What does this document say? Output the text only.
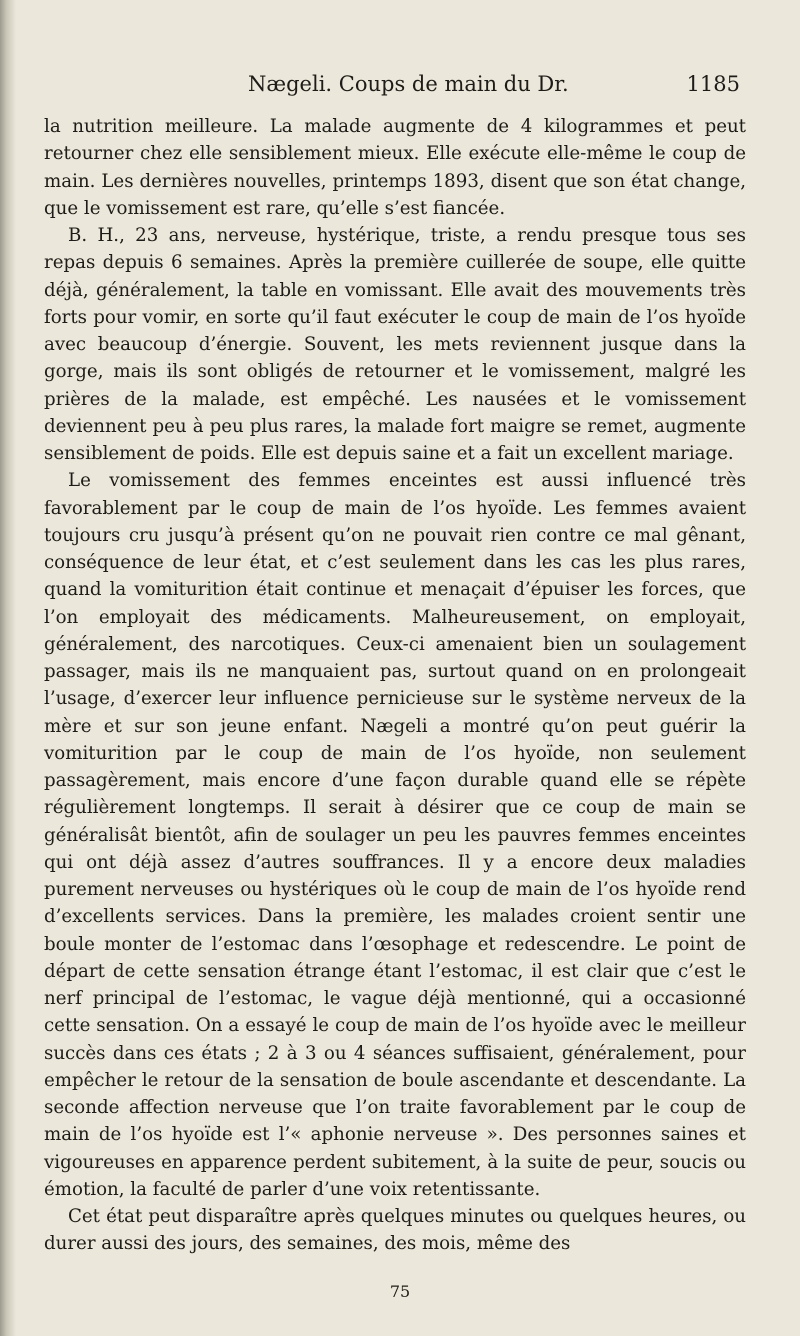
Nægeli. Coups de main du Dr.	1185

la nutrition meilleure. La malade augmente de 4 kilogrammes et peut retourner chez elle sensiblement mieux. Elle exécute elle-même le coup de main. Les dernières nouvelles, printemps 1893, disent que son état change, que le vomissement est rare, qu’elle s’est fiancée.

B. H., 23 ans, nerveuse, hystérique, triste, a rendu presque tous ses repas depuis 6 semaines. Après la première cuillerée de soupe, elle quitte déjà, généralement, la table en vomissant. Elle avait des mouvements très forts pour vomir, en sorte qu’il faut exécuter le coup de main de l’os hyoïde avec beaucoup d’énergie. Souvent, les mets reviennent jusque dans la gorge, mais ils sont obligés de retourner et le vomissement, malgré les prières de la malade, est empêché. Les nausées et le vomissement deviennent peu à peu plus rares, la malade fort maigre se remet, augmente sensiblement de poids. Elle est depuis saine et a fait un excellent mariage.

Le vomissement des femmes enceintes est aussi influencé très favorablement par le coup de main de l’os hyoïde. Les femmes avaient toujours cru jusqu’à présent qu’on ne pouvait rien contre ce mal gênant, conséquence de leur état, et c’est seulement dans les cas les plus rares, quand la vomiturition était continue et menaçait d’épuiser les forces, que l’on employait des médicaments. Malheureusement, on employait, généralement, des narcotiques. Ceux-ci amenaient bien un soulagement passager, mais ils ne manquaient pas, surtout quand on en prolongeait l’usage, d’exercer leur influence pernicieuse sur le système nerveux de la mère et sur son jeune enfant. Nægeli a montré qu’on peut guérir la vomiturition par le coup de main de l’os hyoïde, non seulement passagèrement, mais encore d’une façon durable quand elle se répète régulièrement longtemps. Il serait à désirer que ce coup de main se généralisât bientôt, afin de soulager un peu les pauvres femmes enceintes qui ont déjà assez d’autres souffrances. Il y a encore deux maladies purement nerveuses ou hystériques où le coup de main de l’os hyoïde rend d’excellents services. Dans la première, les malades croient sentir une boule monter de l’estomac dans l’œsophage et redescendre. Le point de départ de cette sensation étrange étant l’estomac, il est clair que c’est le nerf principal de l’estomac, le vague déjà mentionné, qui a occasionné cette sensation. On a essayé le coup de main de l’os hyoïde avec le meilleur succès dans ces états ; 2 à 3 ou 4 séances suffisaient, généralement, pour empêcher le retour de la sensation de boule ascendante et descendante. La seconde affection nerveuse que l’on traite favorablement par le coup de main de l’os hyoïde est l’« aphonie nerveuse ». Des personnes saines et vigoureuses en apparence perdent subitement, à la suite de peur, soucis ou émotion, la faculté de parler d’une voix retentissante.

Cet état peut disparaître après quelques minutes ou quelques heures, ou durer aussi des jours, des semaines, des mois, même des

75
